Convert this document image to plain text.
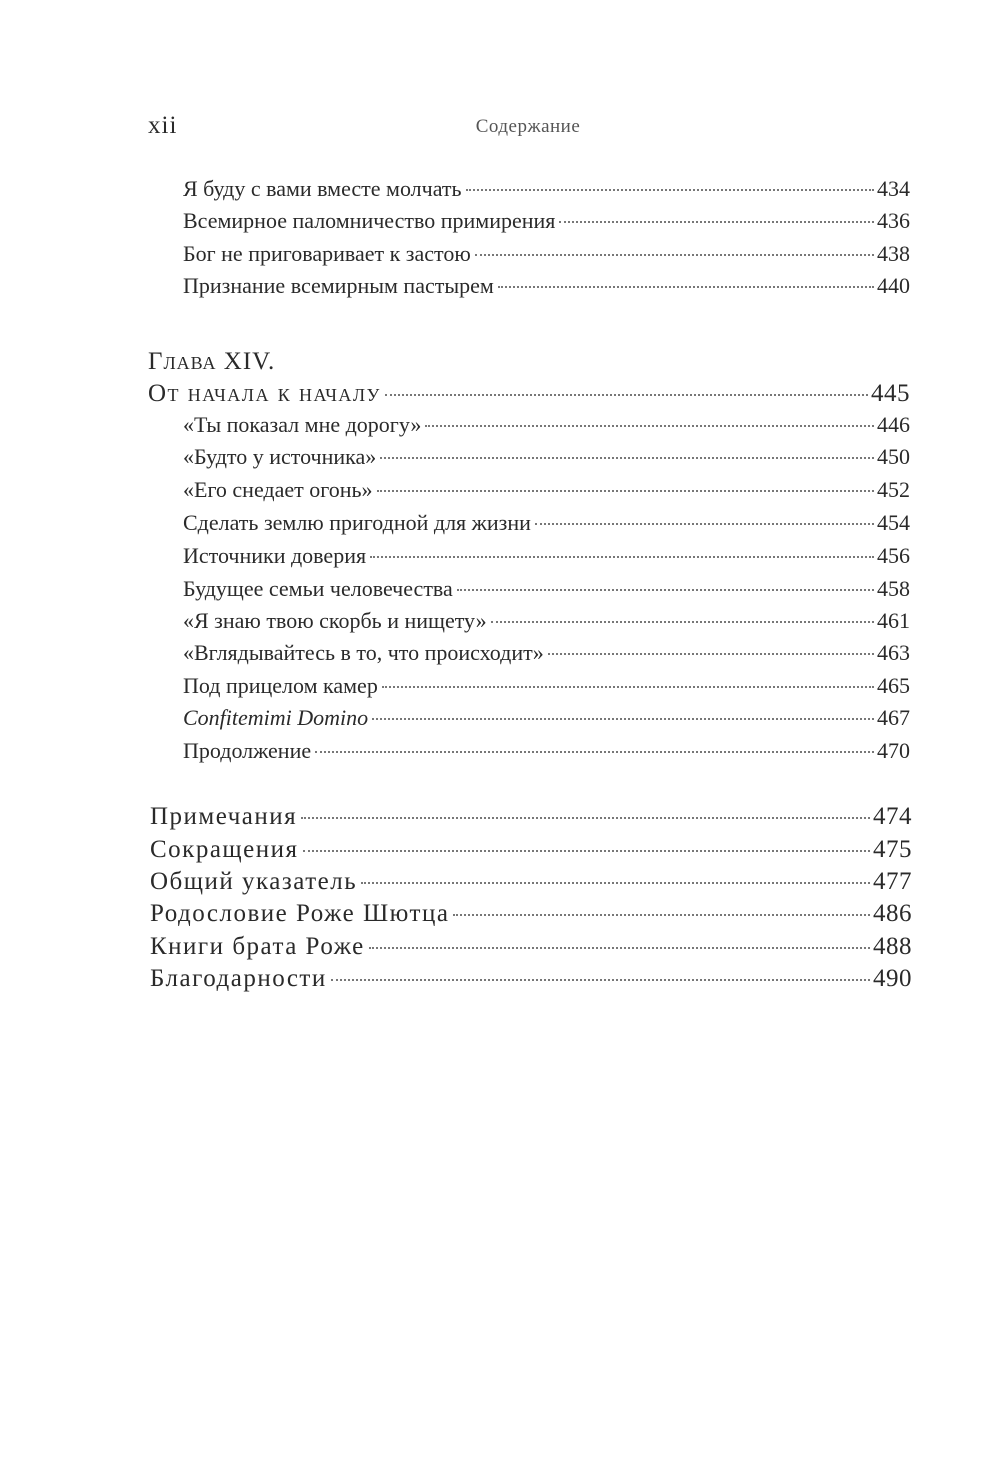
xii	Содержание
Я буду с вами вместе молчать	434
Всемирное паломничество примирения	436
Бог не приговаривает к застою	438
Признание всемирным пастырем	440
Глава XIV.
От начала к началу	445
«Ты показал мне дорогу»	446
«Будто у источника»	450
«Его снедает огонь»	452
Сделать землю пригодной для жизни	454
Источники доверия	456
Будущее семьи человечества	458
«Я знаю твою скорбь и нищету»	461
«Вглядывайтесь в то, что происходит»	463
Под прицелом камер	465
Confitemimi Domino	467
Продолжение	470
Примечания	474
Сокращения	475
Общий указатель	477
Родословие Роже Шютца	486
Книги брата Роже	488
Благодарности	490
